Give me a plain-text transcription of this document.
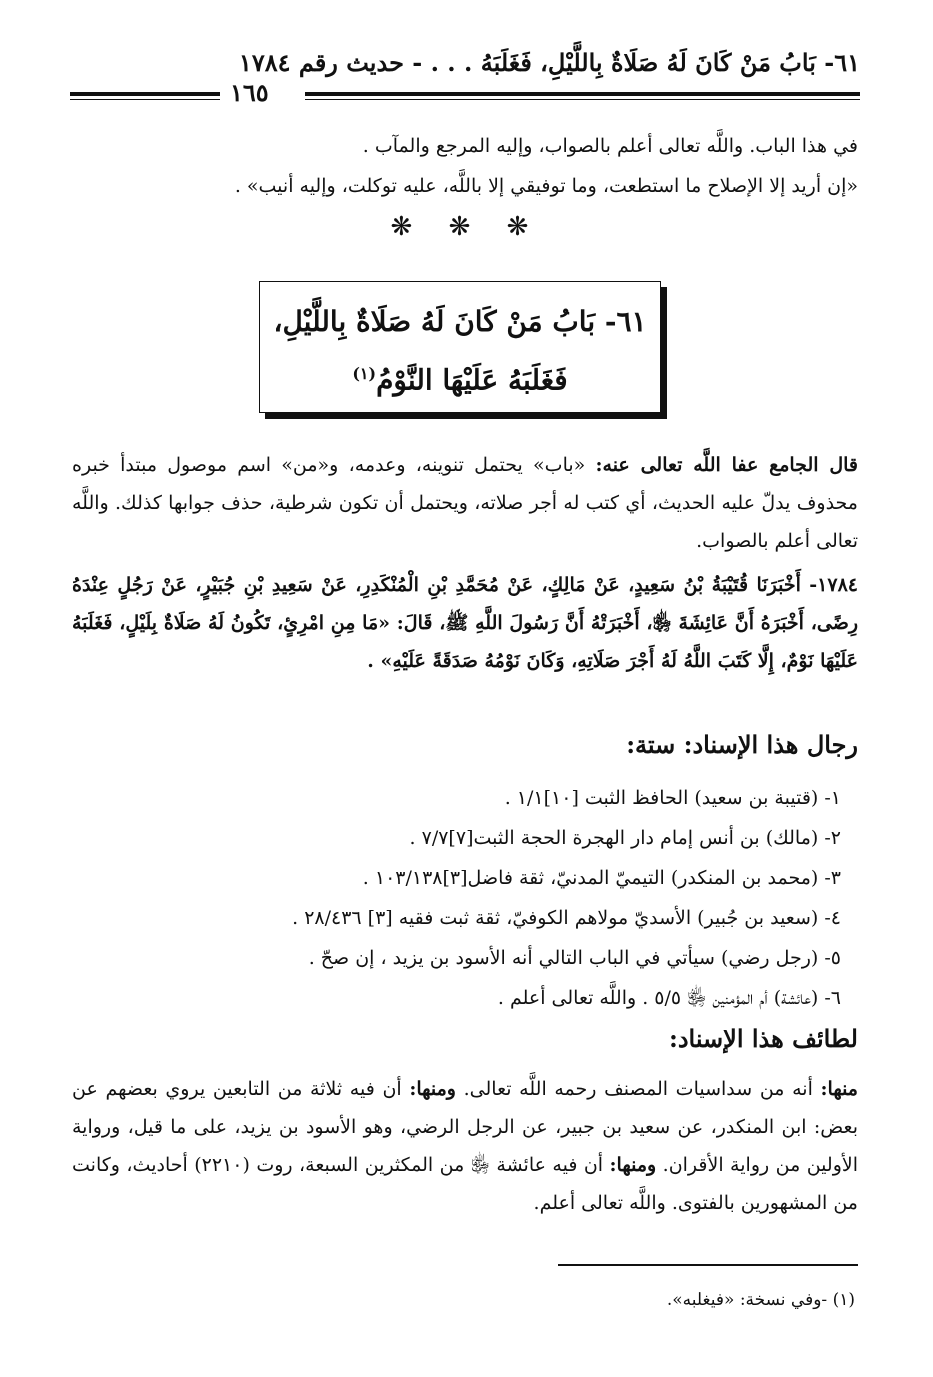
٦١- بَابُ مَنْ كَانَ لَهُ صَلَاةٌ بِاللَّيْلِ، فَغَلَبَهُ . . . - حديث رقم ١٧٨٤
١٦٥
في هذا الباب. واللَّه تعالى أعلم بالصواب، وإليه المرجع والمآب .
«إن أريد إلا الإصلاح ما استطعت، وما توفيقي إلا باللَّه، عليه توكلت، وإليه أنيب» .
❋ ❋ ❋
٦١- بَابُ مَنْ كَانَ لَهُ صَلَاةٌ بِاللَّيْلِ،
فَغَلَبَهُ عَلَيْهَا النَّوْمُ$^{(١)}$
قال الجامع عفا اللَّه تعالى عنه: «باب» يحتمل تنوينه، وعدمه، و«من» اسم موصول مبتدأ خبره محذوف يدلّ عليه الحديث، أي كتب له أجر صلاته، ويحتمل أن تكون شرطية، حذف جوابها كذلك. واللَّه تعالى أعلم بالصواب.
١٧٨٤- أَخْبَرَنَا قُتَيْبَةُ بْنُ سَعِيدٍ، عَنْ مَالِكٍ، عَنْ مُحَمَّدِ بْنِ الْمُنْكَدِرِ، عَنْ سَعِيدِ بْنِ جُبَيْرٍ، عَنْ رَجُلٍ عِنْدَهُ رِضًى، أَخْبَرَهُ أَنَّ عَائِشَةَ ﵂، أَخْبَرَتْهُ أَنَّ رَسُولَ اللَّهِ ﷺ، قَالَ: «مَا مِنِ امْرِئٍ، تَكُونُ لَهُ صَلَاةٌ بِلَيْلٍ، فَغَلَبَهُ عَلَيْهَا نَوْمٌ، إِلَّا كَتَبَ اللَّهُ لَهُ أَجْرَ صَلَاتِهِ، وَكَانَ نَوْمُهُ صَدَقَةً عَلَيْهِ» .
رجال هذا الإسناد: ستة:
١- (قتيبة بن سعيد) الحافظ الثبت [١٠]١/١ .
٢- (مالك) بن أنس إمام دار الهجرة الحجة الثبت[٧]٧/٧ .
٣- (محمد بن المنكدر) التيميّ المدنيّ، ثقة فاضل[٣]١٠٣/١٣٨ .
٤- (سعيد بن جُبير) الأسديّ مولاهم الكوفيّ، ثقة ثبت فقيه [٣] ٢٨/٤٣٦ .
٥- (رجل رضي) سيأتي في الباب التالي أنه الأسود بن يزيد ، إن صحّ .
٦- (عائشة) أم المؤمنين ﵂ ٥/٥ . واللَّه تعالى أعلم .
لطائف هذا الإسناد:
منها: أنه من سداسيات المصنف رحمه اللَّه تعالى. ومنها: أن فيه ثلاثة من التابعين يروي بعضهم عن بعض: ابن المنكدر، عن سعيد بن جبير، عن الرجل الرضي، وهو الأسود بن يزيد، على ما قيل، ورواية الأولين من رواية الأقران. ومنها: أن فيه عائشة ﵂ من المكثرين السبعة، روت (٢٢١٠) أحاديث، وكانت من المشهورين بالفتوى. واللَّه تعالى أعلم.
(١) -وفي نسخة: «فيغلبه».
